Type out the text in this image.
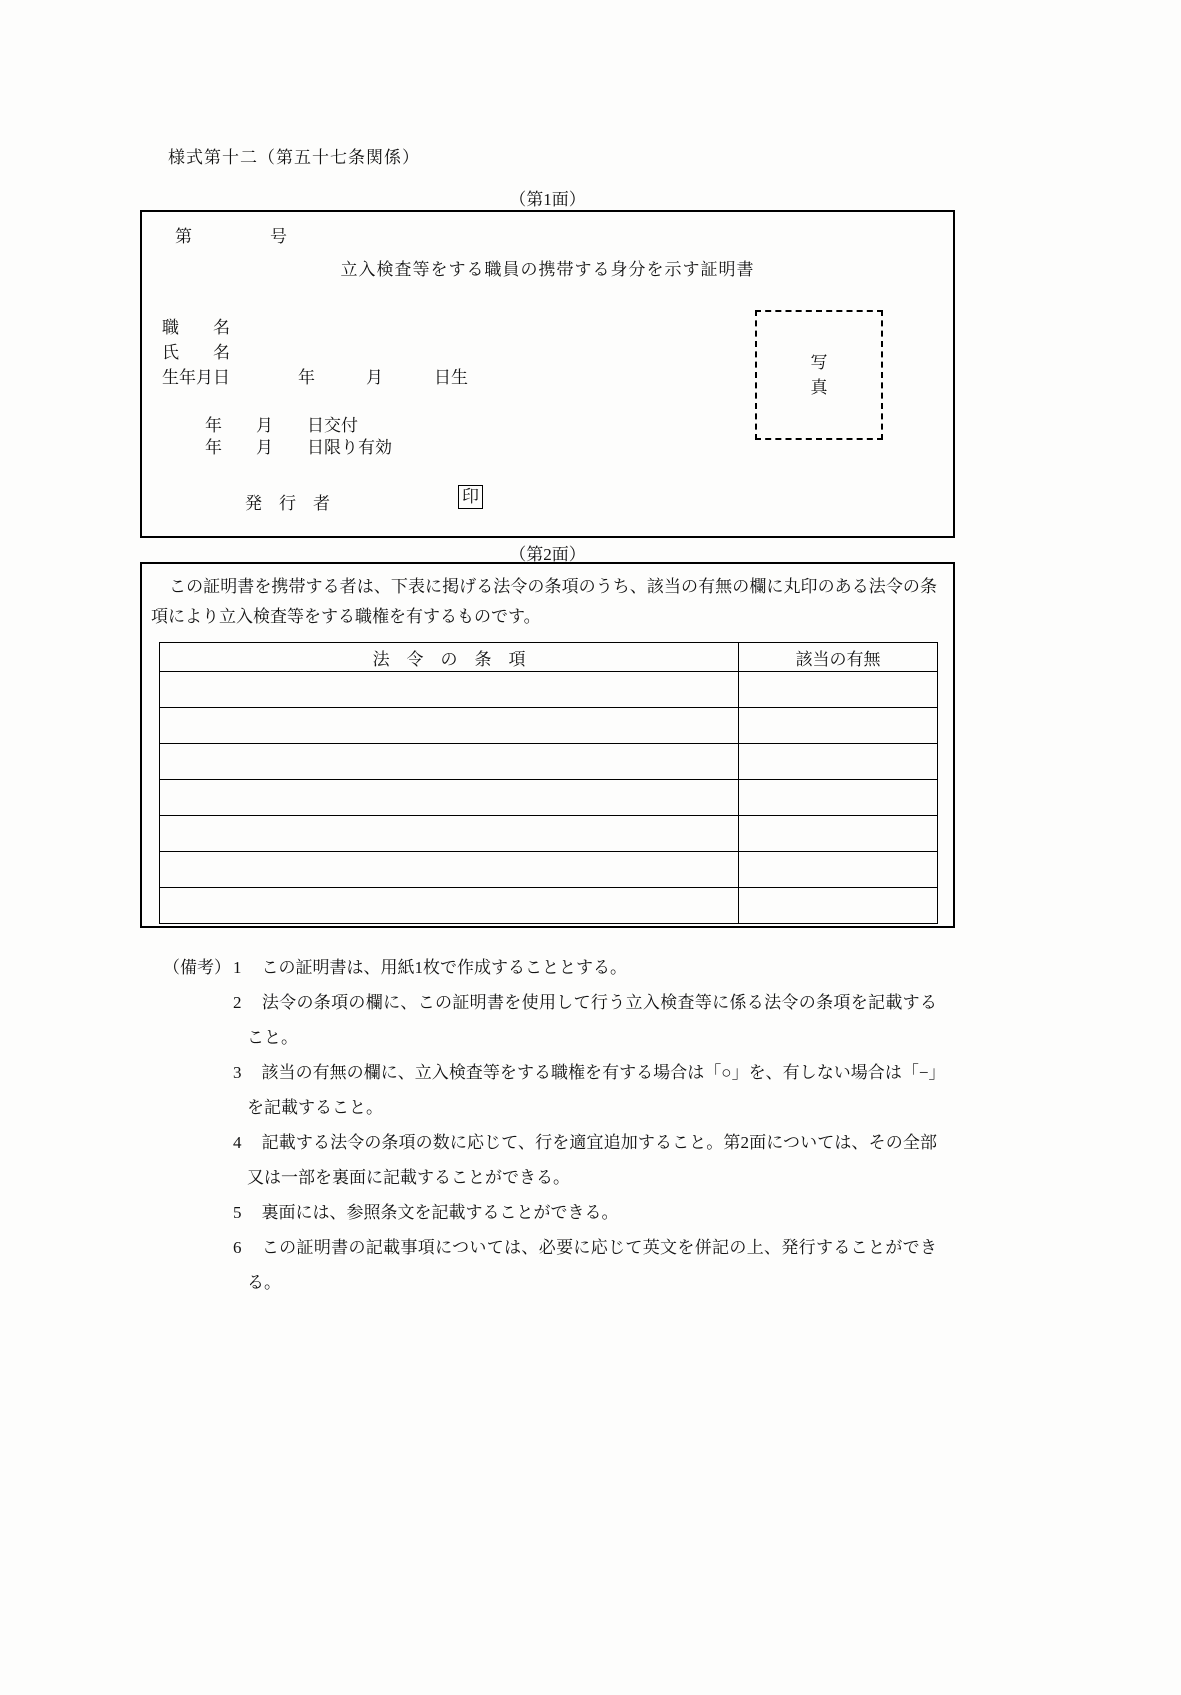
様式第十二（第五十七条関係）
（第1面）
第　　　　号
立入検査等をする職員の携帯する身分を示す証明書
職　　名
氏　　名
生年月日　　　　年　　　月　　　日生
年　　月　　日交付
年　　月　　日限り有効
発　行　者	印
写
真
（第2面）
この証明書を携帯する者は、下表に掲げる法令の条項のうち、該当の有無の欄に丸印のある法令の条項により立入検査等をする職権を有するものです。
法　令　の　条　項	該当の有無

（備考） 1 この証明書は、用紙1枚で作成することとする。
2 法令の条項の欄に、この証明書を使用して行う立入検査等に係る法令の条項を記載すること。
3 該当の有無の欄に、立入検査等をする職権を有する場合は「○」を、有しない場合は「−」を記載すること。
4 記載する法令の条項の数に応じて、行を適宜追加すること。第2面については、その全部又は一部を裏面に記載することができる。
5 裏面には、参照条文を記載することができる。
6 この証明書の記載事項については、必要に応じて英文を併記の上、発行することができる。
